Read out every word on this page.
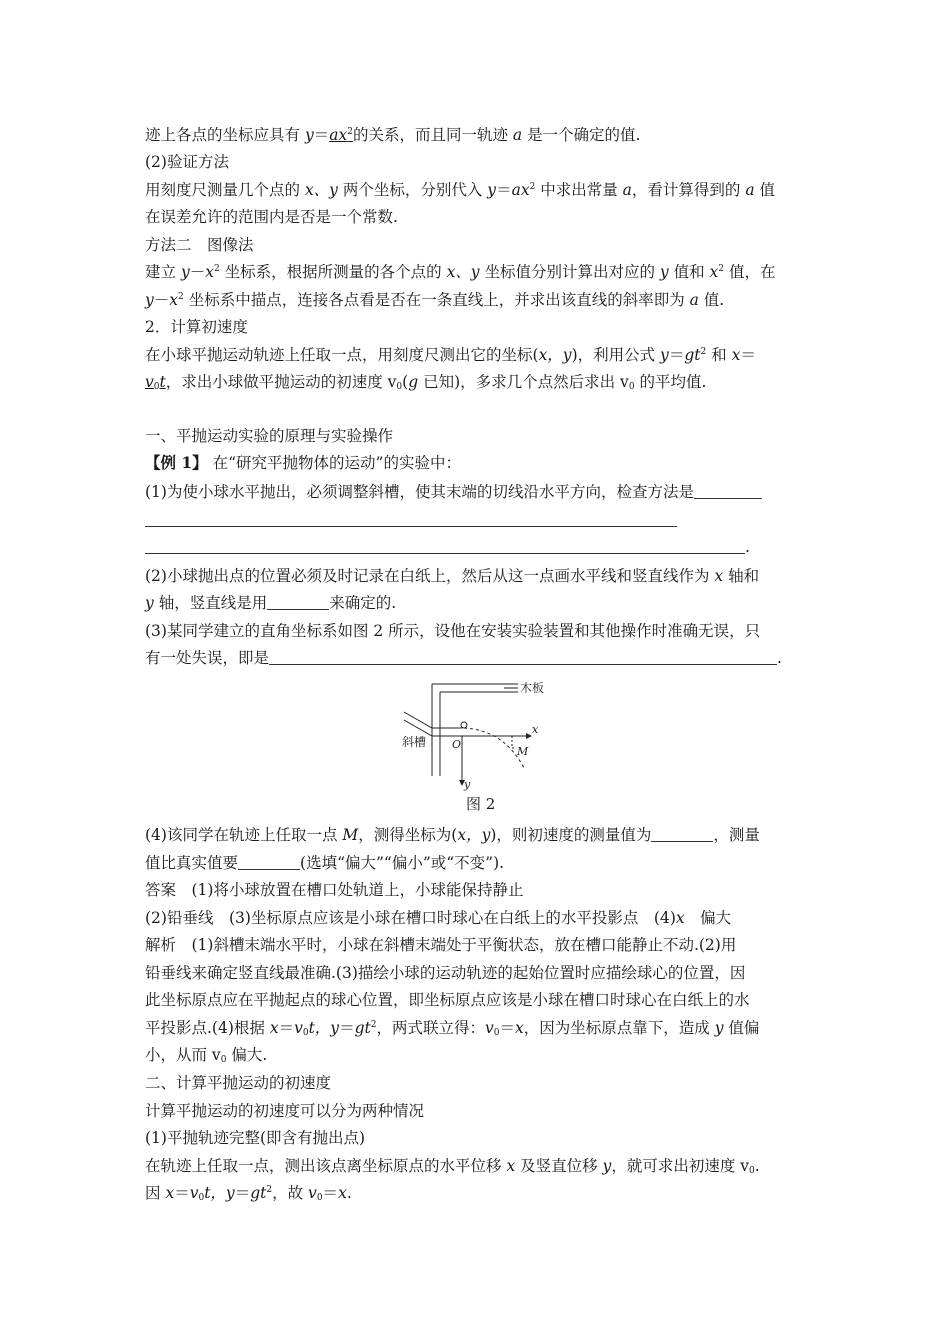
迹上各点的坐标应具有 $y=ax^2$的关系，而且同一轨迹 a 是一个确定的值.
(2)验证方法
用刻度尺测量几个点的 x、y 两个坐标，分别代入 $y=ax^2$ 中求出常量 a，看计算得到的 a 值
在误差允许的范围内是否是一个常数.
方法二　图像法
建立 $y-x^2$ 坐标系，根据所测量的各个点的 x、y 坐标值分别计算出对应的 y 值和 $x^2$ 值，在
$y-x^2$ 坐标系中描点，连接各点看是否在一条直线上，并求出该直线的斜率即为 a 值.
2．计算初速度
在小球平抛运动轨迹上任取一点，用刻度尺测出它的坐标(x，y)，利用公式 $y=gt^2$ 和 x＝
$v_0t$，求出小球做平抛运动的初速度 $v_0(g$ 已知)，多求几个点然后求出 $v_0$ 的平均值.
一、平抛运动实验的原理与实验操作
【例 1】 在“研究平抛物体的运动”的实验中：
(1)为使小球水平抛出，必须调整斜槽，使其末端的切线沿水平方向，检查方法是
.
(2)小球抛出点的位置必须及时记录在白纸上，然后从这一点画水平线和竖直线作为 x 轴和
y 轴，竖直线是用	来确定的.
(3)某同学建立的直角坐标系如图 2 所示，设他在安装实验装置和其他操作时准确无误，只
有一处失误，即是	.
木板
斜槽 O
x
y
M
图 2
(4)该同学在轨迹上任取一点 M，测得坐标为(x，y)，则初速度的测量值为	，测量
值比真实值要	(选填“偏大”“偏小”或“不变”).
答案　(1)将小球放置在槽口处轨道上，小球能保持静止
(2)铅垂线　(3)坐标原点应该是小球在槽口时球心在白纸上的水平投影点　(4)x　偏大
解析　(1)斜槽末端水平时，小球在斜槽末端处于平衡状态，放在槽口能静止不动.(2)用
铅垂线来确定竖直线最准确.(3)描绘小球的运动轨迹的起始位置时应描绘球心的位置，因
此坐标原点应在平抛起点的球心位置，即坐标原点应该是小球在槽口时球心在白纸上的水
平投影点.(4)根据 $x=v_0t$，$y=gt^2$，两式联立得：$v_0=x$，因为坐标原点靠下，造成 y 值偏
小，从而 $v_0$ 偏大.
二、计算平抛运动的初速度
计算平抛运动的初速度可以分为两种情况
(1)平抛轨迹完整(即含有抛出点)
在轨迹上任取一点，测出该点离坐标原点的水平位移 x 及竖直位移 y，就可求出初速度 $v_0$.
因 $x=v_0t$，$y=gt^2$，故 $v_0=x$.
